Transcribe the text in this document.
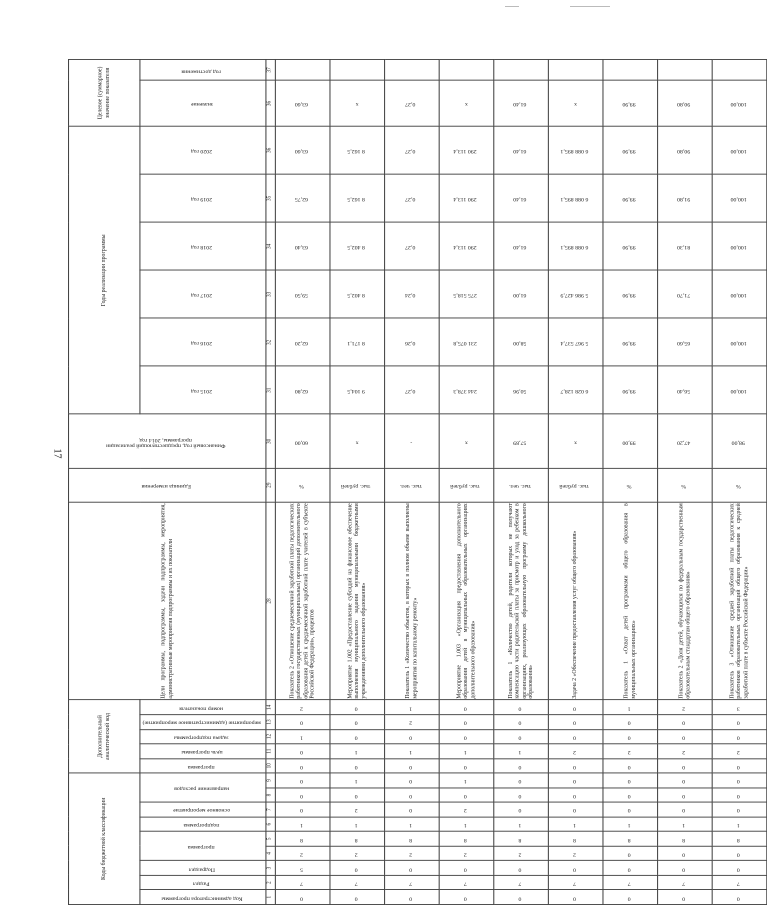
17
Коды бюджетной классификации									Дополнительный аналитический код					Цели программы, подпрограммы, задачи подпрограммы, мероприятия, административные мероприятия подпрограммы и их показатели	Единица измерения	Финансовый год, предшествующий реализации программы, 2014 год	Годы реализации программы						Целевое (суммарное) значение показателя	
Код администратора программы	Раздел	Подраздел	программа		подпрограмма	основное мероприятие	направление расходов		программа	цель программы	задача подпрограммы	мероприятие (административное мероприятие)	номер показателя				2015 год	2016 год	2017 год	2018 год	2019 год	2020 год	значение	год достижения
1	2	3	4	5	6	7	8	9	10	11	12	13	14	28	29	30	31	32	33	34	35	36	36	37
0	7	5	2	8	1	0	0	0	0	0	1	0	2	Показатель 2 «Отношение среднемесячной заработной платы педагогических работников государственных (муниципальных) организаций дополнительного образования детей к среднемесячной заработной плате учителей в субъекте Российской Федерации», процентов	%	60,00	62,80	62,20	59,50	63,40	62,75	63,60	63,60	
0	7	0	2	8	1	2	0	1	0	1	0	0	0	Мероприятие 1.002 «Предоставление субсидий на финансовое обеспечение выполнения муниципального задания муниципальными бюджетными учреждениями дополнительного образования»	тыс. рублей	х	9 104,5	8 171,1	8 402,5	8 402,5	8 162,5	8 162,5	х	
0	7	0	2	8	1	0	0	0	0	1	0	2	1	Показатель 1 «Количество объектов, в которых в полном объеме выполнены мероприятия по капитальному ремонту»	тыс. чел.	-	0,27	0,26	0,24	0,27	0,27	0,27	0,27	
0	7	0	2	8	1	2	0	1	0	1	0	0	0	Мероприятие 1.003 «Организация предоставления дополнительного образования детей в муниципальных образовательных организациях дополнительного образования»	тыс. рублей	х	244 378,3	231 075,8	275 518,5	290 113,4	290 113,4	290 113,4	х	
0	7	0	2	8	1	0	0	0	0	1	0	0	0	Показатель 1 «Количество детей, родители которых не получают компенсацию части родительской платы за присмотр и уход за ребенком в организациях, реализующих образовательную программу дошкольного образования»	тыс. чел.	57,89	50,96	58,00	61,00	61,40	61,40	61,40	61,40	
0	7	0	2	8	1	0	0	0	0	2	0	0	0	Задача 2 «Обеспечение предоставления услуг общего образования»	тыс. рублей	х	6 028 128,7	5 967 537,4	5 986 427,9	6 088 895,1	6 088 895,1	6 088 895,1	х	
0	7	0	0	8	1	0	0	0	0	2	0	0	1	Показатель 1 «Охват детей программами общего образования в муниципальных организациях»	%	99,00	99,90	99,90	99,90	99,90	99,90	99,90	99,90	
0	7	0	0	8	1	0	0	0	0	2	0	0	2	Показатель 2 «Доля детей, обучающихся по федеральным государственным образовательным стандартам общего образования»	%	47,20	56,40	65,60	71,70	81,30	91,80	90,80	90,80	
0	7	0	0	8	1	0	0	0	0	2	0	0	3	Показатель 3 «Отношение средней заработной платы педагогических работников образовательных организаций общего образования к средней заработной плате в субъекте Российской Федерации»	%	98,00	100,00	100,00	100,00	100,00	100,00	100,00	100,00	
